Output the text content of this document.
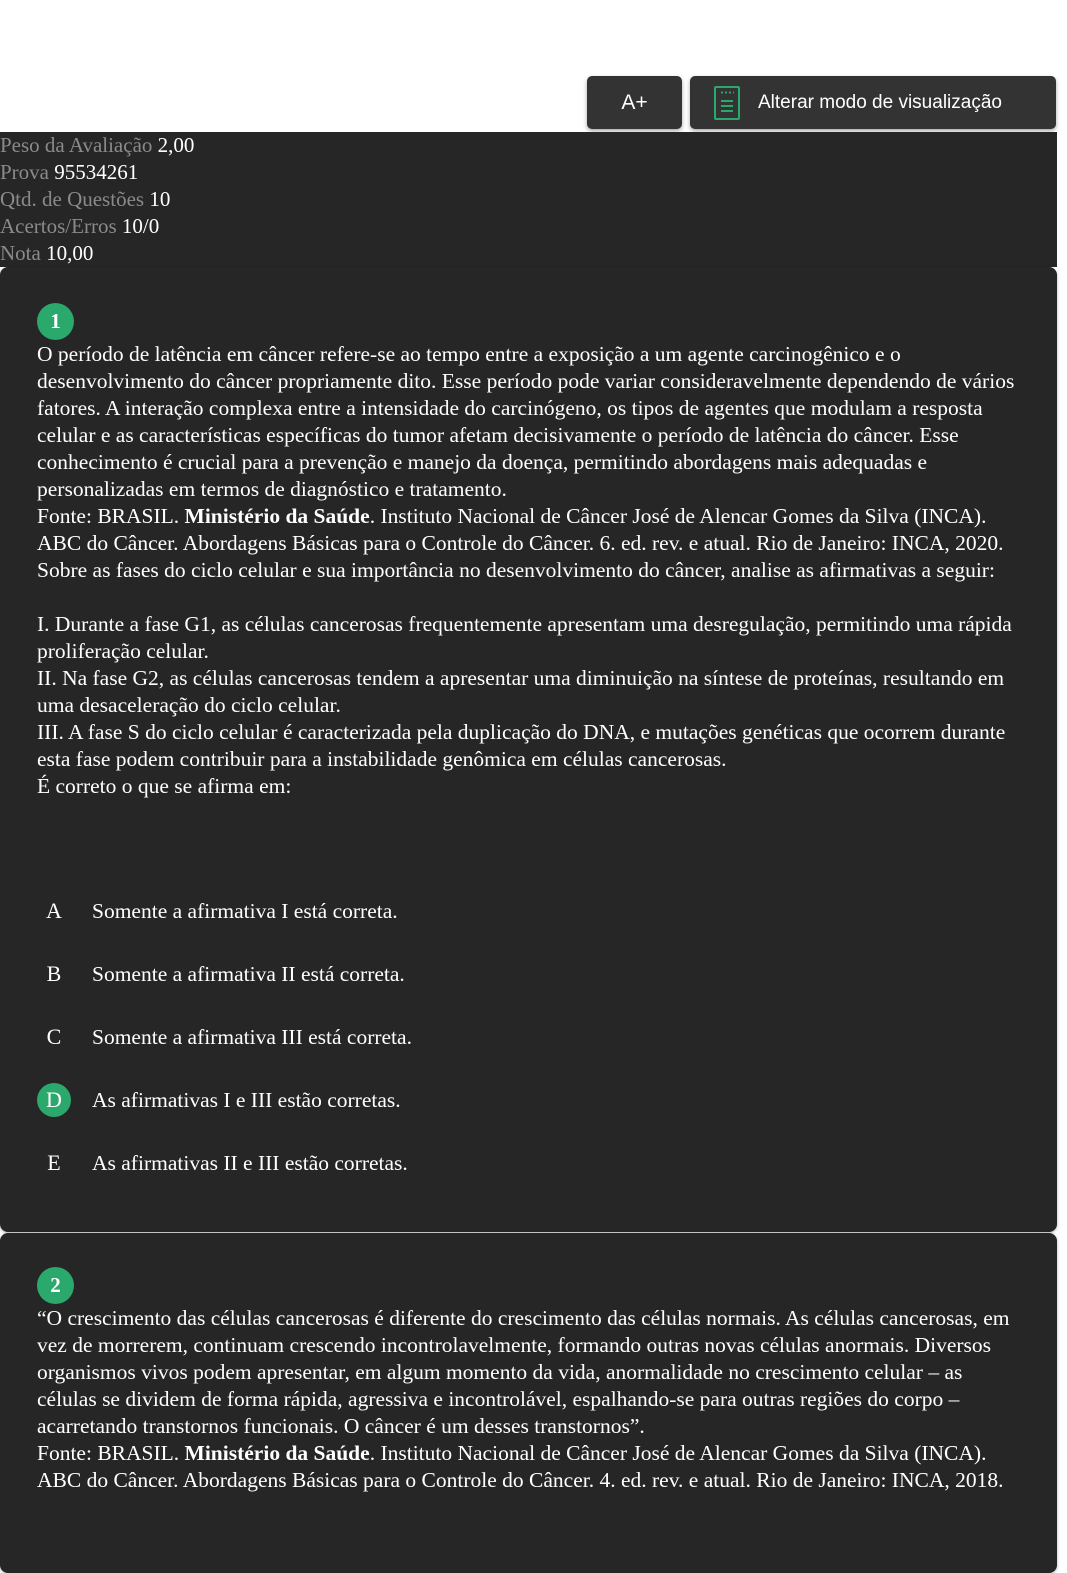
A+	Alterar modo de visualização
Peso da Avaliação 2,00
Prova 95534261
Qtd. de Questões 10
Acertos/Erros 10/0
Nota 10,00
1

O período de latência em câncer refere-se ao tempo entre a exposição a um agente carcinogênico e o desenvolvimento do câncer propriamente dito. Esse período pode variar consideravelmente dependendo de vários fatores. A interação complexa entre a intensidade do carcinógeno, os tipos de agentes que modulam a resposta celular e as características específicas do tumor afetam decisivamente o período de latência do câncer. Esse conhecimento é crucial para a prevenção e manejo da doença, permitindo abordagens mais adequadas e personalizadas em termos de diagnóstico e tratamento.

Fonte: BRASIL. Ministério da Saúde. Instituto Nacional de Câncer José de Alencar Gomes da Silva (INCA). ABC do Câncer. Abordagens Básicas para o Controle do Câncer. 6. ed. rev. e atual. Rio de Janeiro: INCA, 2020.

Sobre as fases do ciclo celular e sua importância no desenvolvimento do câncer, analise as afirmativas a seguir:

I. Durante a fase G1, as células cancerosas frequentemente apresentam uma desregulação, permitindo uma rápida proliferação celular.

II. Na fase G2, as células cancerosas tendem a apresentar uma diminuição na síntese de proteínas, resultando em uma desaceleração do ciclo celular.

III. A fase S do ciclo celular é caracterizada pela duplicação do DNA, e mutações genéticas que ocorrem durante esta fase podem contribuir para a instabilidade genômica em células cancerosas.

É correto o que se afirma em:

A	Somente a afirmativa I está correta.
B	Somente a afirmativa II está correta.
C	Somente a afirmativa III está correta.
D	As afirmativas I e III estão corretas.
E	As afirmativas II e III estão corretas.
2

“O crescimento das células cancerosas é diferente do crescimento das células normais. As células cancerosas, em vez de morrerem, continuam crescendo incontrolavelmente, formando outras novas células anormais. Diversos organismos vivos podem apresentar, em algum momento da vida, anormalidade no crescimento celular – as células se dividem de forma rápida, agressiva e incontrolável, espalhando-se para outras regiões do corpo – acarretando transtornos funcionais. O câncer é um desses transtornos”.

Fonte: BRASIL. Ministério da Saúde. Instituto Nacional de Câncer José de Alencar Gomes da Silva (INCA). ABC do Câncer. Abordagens Básicas para o Controle do Câncer. 4. ed. rev. e atual. Rio de Janeiro: INCA, 2018.
